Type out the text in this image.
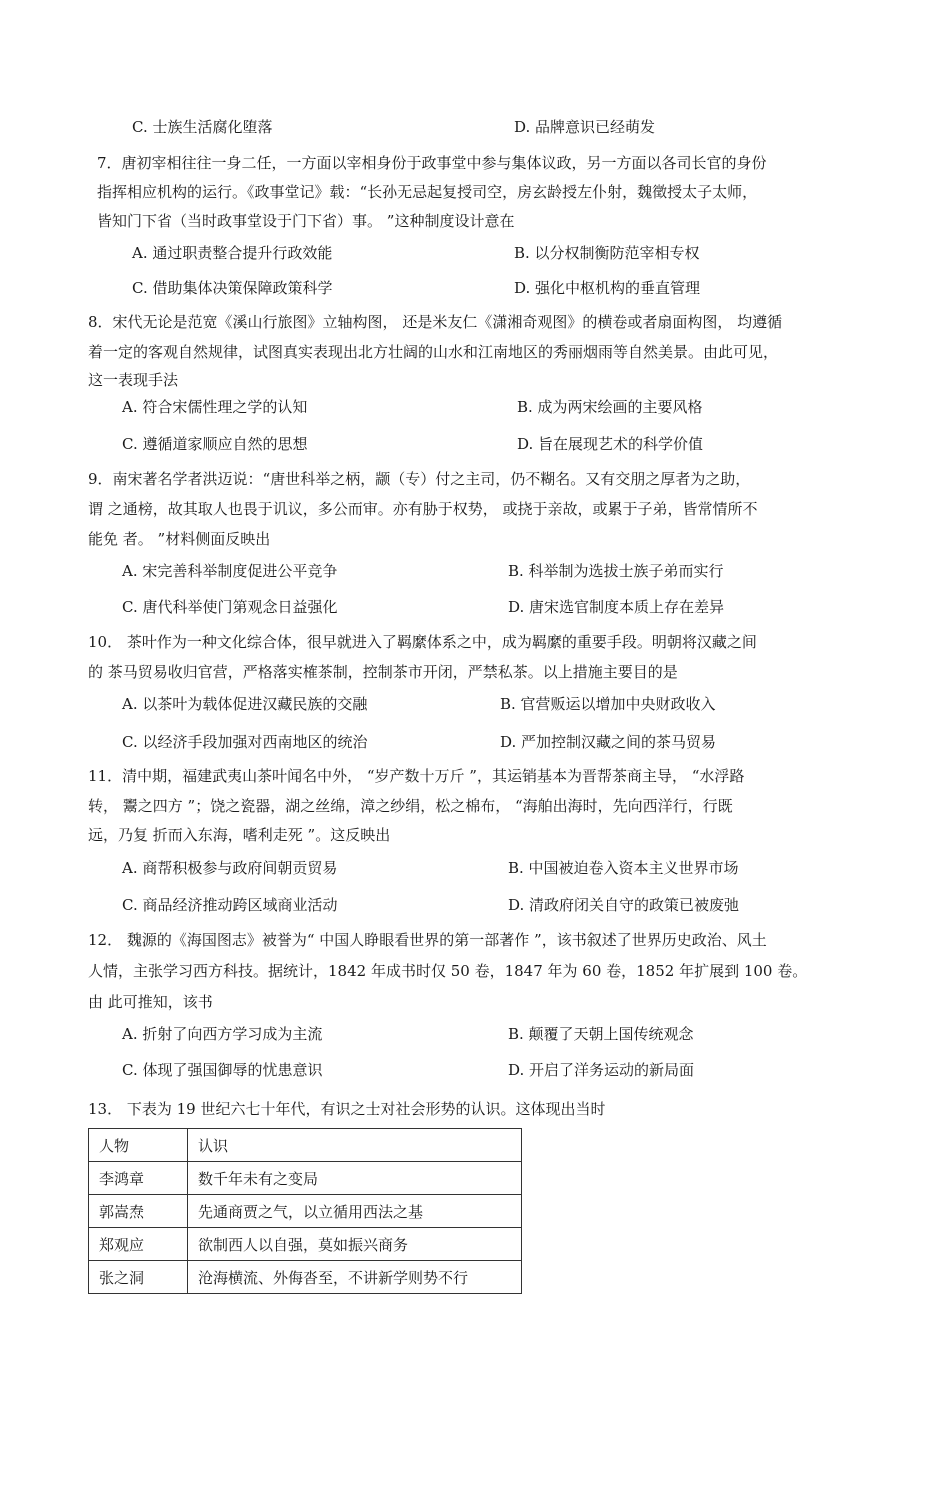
C. 士族生活腐化堕落	D. 品牌意识已经萌发
7．唐初宰相往往一身二任，一方面以宰相身份于政事堂中参与集体议政，另一方面以各司长官的身份
指挥相应机构的运行。《政事堂记》载：“长孙无忌起复授司空，房玄龄授左仆射，魏徵授太子太师，
皆知门下省（当时政事堂设于门下省）事。 ”这种制度设计意在
A. 通过职责整合提升行政效能	B. 以分权制衡防范宰相专权
C. 借助集体决策保障政策科学	D. 强化中枢机构的垂直管理
8．宋代无论是范宽《溪山行旅图》立轴构图， 还是米友仁《潇湘奇观图》的横卷或者扇面构图， 均遵循
着一定的客观自然规律，试图真实表现出北方壮阔的山水和江南地区的秀丽烟雨等自然美景。由此可见，
这一表现手法
A. 符合宋儒性理之学的认知	B. 成为两宋绘画的主要风格
C. 遵循道家顺应自然的思想	D. 旨在展现艺术的科学价值
9．南宋著名学者洪迈说：“唐世科举之柄，颛（专）付之主司，仍不糊名。又有交朋之厚者为之助，
谓 之通榜，故其取人也畏于讥议，多公而审。亦有胁于权势， 或挠于亲故，或累于子弟，皆常情所不
能免 者。 ”材料侧面反映出
A. 宋完善科举制度促进公平竞争	B. 科举制为选拔士族子弟而实行
C. 唐代科举使门第观念日益强化	D. 唐宋选官制度本质上存在差异
10． 茶叶作为一种文化综合体，很早就进入了羁縻体系之中，成为羁縻的重要手段。明朝将汉藏之间
的 茶马贸易收归官营，严格落实榷茶制，控制茶市开闭，严禁私茶。以上措施主要目的是
A. 以茶叶为载体促进汉藏民族的交融	B. 官营贩运以增加中央财政收入
C. 以经济手段加强对西南地区的统治	D. 严加控制汉藏之间的茶马贸易
11．清中期，福建武夷山茶叶闻名中外， “岁产数十万斤 ”，其运销基本为晋帮茶商主导， “水浮路
转， 鬻之四方 ”；饶之瓷器，湖之丝绵，漳之纱绢，松之棉布， “海舶出海时，先向西洋行，行既
远，乃复 折而入东海，嗜利走死 ”。这反映出
A. 商帮积极参与政府间朝贡贸易	B. 中国被迫卷入资本主义世界市场
C. 商品经济推动跨区域商业活动	D. 清政府闭关自守的政策已被废弛
12． 魏源的《海国图志》被誉为“ 中国人睁眼看世界的第一部著作 ”，该书叙述了世界历史政治、风土
人情，主张学习西方科技。据统计，1842 年成书时仅 50 卷，1847 年为 60 卷，1852 年扩展到 100 卷。
由 此可推知，该书
A. 折射了向西方学习成为主流	B. 颠覆了天朝上国传统观念
C. 体现了强国御辱的忧患意识	D. 开启了洋务运动的新局面
13． 下表为 19 世纪六七十年代，有识之士对社会形势的认识。这体现出当时
人物	认识
李鸿章	数千年未有之变局
郭嵩焘	先通商贾之气，以立循用西法之基
郑观应	欲制西人以自强，莫如振兴商务
张之洞	沧海横流、外侮沓至，不讲新学则势不行
